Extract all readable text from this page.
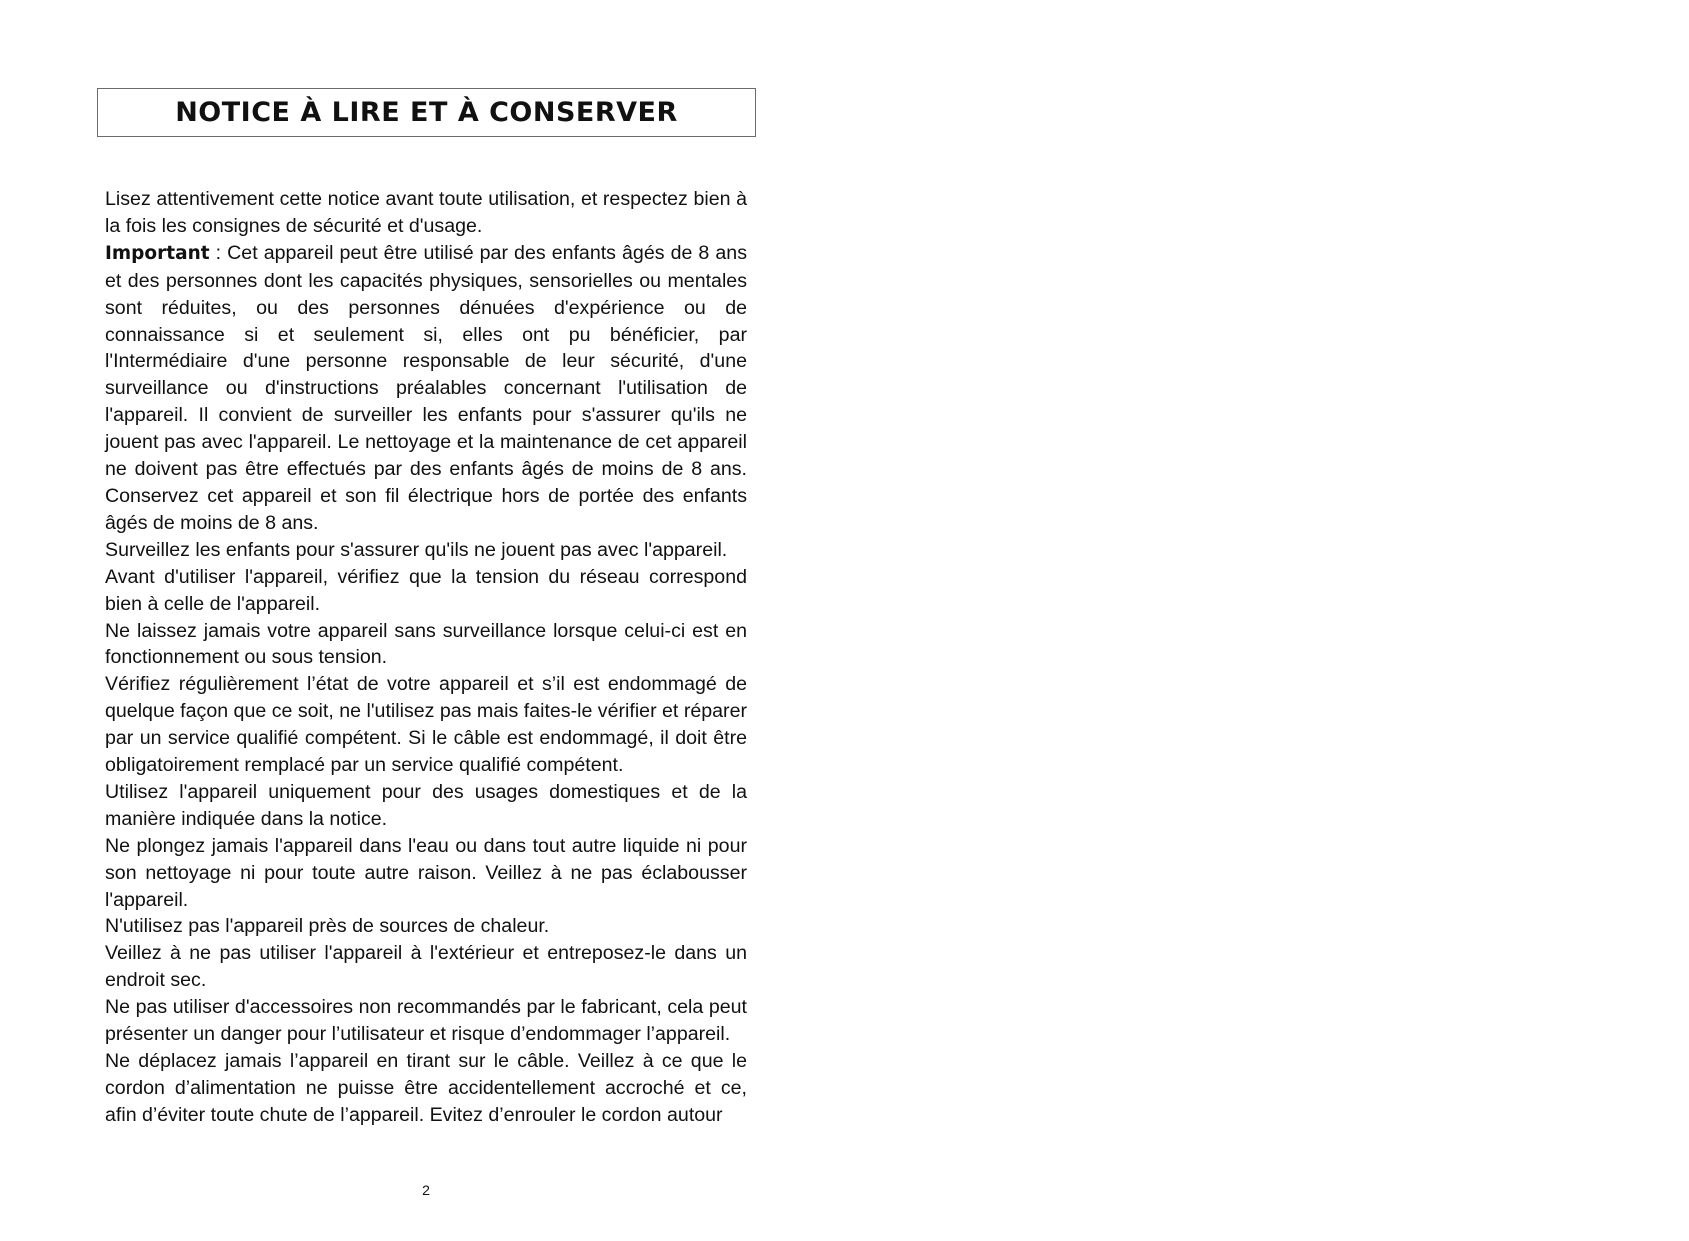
NOTICE À LIRE ET À CONSERVER

Lisez attentivement cette notice avant toute utilisation, et respectez bien à la fois les consignes de sécurité et d'usage.

Important : Cet appareil peut être utilisé par des enfants âgés de 8 ans et des personnes dont les capacités physiques, sensorielles ou mentales sont réduites, ou des personnes dénuées d'expérience ou de connaissance si et seulement si, elles ont pu bénéficier, par l'Intermédiaire d'une personne responsable de leur sécurité, d'une surveillance ou d'instructions préalables concernant l'utilisation de l'appareil. Il convient de surveiller les enfants pour s'assurer qu'ils ne jouent pas avec l'appareil. Le nettoyage et la maintenance de cet appareil ne doivent pas être effectués par des enfants âgés de moins de 8 ans. Conservez cet appareil et son fil électrique hors de portée des enfants âgés de moins de 8 ans.

Surveillez les enfants pour s'assurer qu'ils ne jouent pas avec l'appareil.

Avant d'utiliser l'appareil, vérifiez que la tension du réseau correspond bien à celle de l'appareil.

Ne laissez jamais votre appareil sans surveillance lorsque celui-ci est en fonctionnement ou sous tension.

Vérifiez régulièrement l’état de votre appareil et s’il est endommagé de quelque façon que ce soit, ne l'utilisez pas mais faites-le vérifier et réparer par un service qualifié compétent. Si le câble est endommagé, il doit être obligatoirement remplacé par un service qualifié compétent.

Utilisez l'appareil uniquement pour des usages domestiques et de la manière indiquée dans la notice.

Ne plongez jamais l'appareil dans l'eau ou dans tout autre liquide ni pour son nettoyage ni pour toute autre raison. Veillez à ne pas éclabousser l'appareil.

N'utilisez pas l'appareil près de sources de chaleur.

Veillez à ne pas utiliser l'appareil à l'extérieur et entreposez-le dans un endroit sec.

Ne pas utiliser d'accessoires non recommandés par le fabricant, cela peut présenter un danger pour l’utilisateur et risque d’endommager l’appareil.

Ne déplacez jamais l’appareil en tirant sur le câble. Veillez à ce que le cordon d’alimentation ne puisse être accidentellement accroché et ce, afin d’éviter toute chute de l’appareil. Evitez d’enrouler le cordon autour

2
